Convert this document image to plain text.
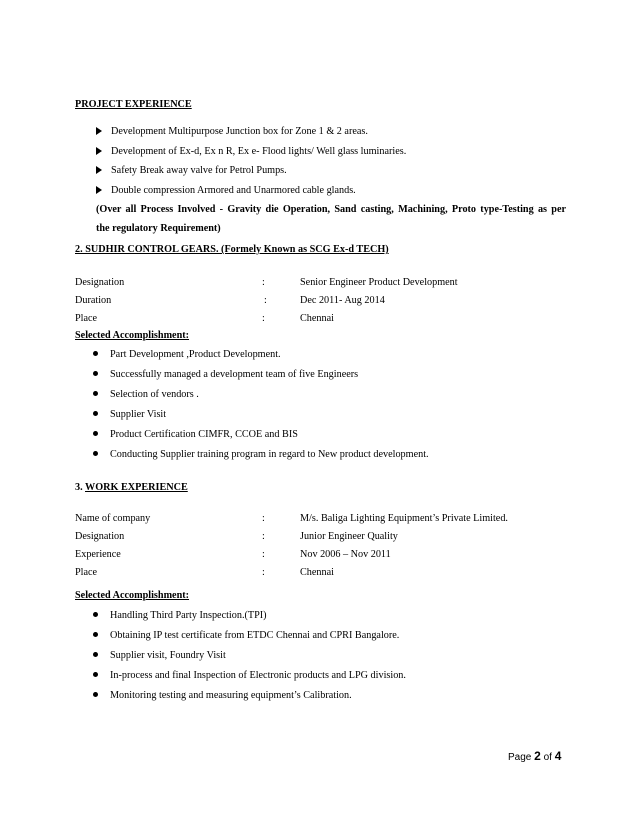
PROJECT EXPERIENCE
Development Multipurpose Junction box for Zone 1 & 2 areas.
Development of Ex-d, Ex n R, Ex e- Flood lights/ Well glass luminaries.
Safety Break away valve for Petrol Pumps.
Double compression Armored and Unarmored cable glands.
(Over all Process Involved - Gravity die Operation, Sand casting, Machining, Proto type-Testing as per
the regulatory Requirement)
2. SUDHIR CONTROL GEARS. (Formely Known as SCG Ex-d TECH)
Designation	:	Senior Engineer Product Development
Duration	:	Dec 2011- Aug 2014
Place	:	Chennai
Selected Accomplishment:
Part Development ,Product Development.
Successfully managed a development team of five Engineers
Selection of vendors .
Supplier Visit
Product Certification CIMFR, CCOE and BIS
Conducting Supplier training program in regard to New product development.
3. WORK EXPERIENCE
Name of company	:	M/s. Baliga Lighting Equipment’s Private Limited.
Designation	:	Junior Engineer Quality
Experience	:	Nov 2006 – Nov 2011
Place	:	Chennai
Selected Accomplishment:
Handling Third Party Inspection.(TPI)
Obtaining IP test certificate from ETDC Chennai and CPRI Bangalore.
Supplier visit, Foundry Visit
In-process and final Inspection of Electronic products and LPG division.
Monitoring testing and measuring equipment’s Calibration.
Page 2 of 4
